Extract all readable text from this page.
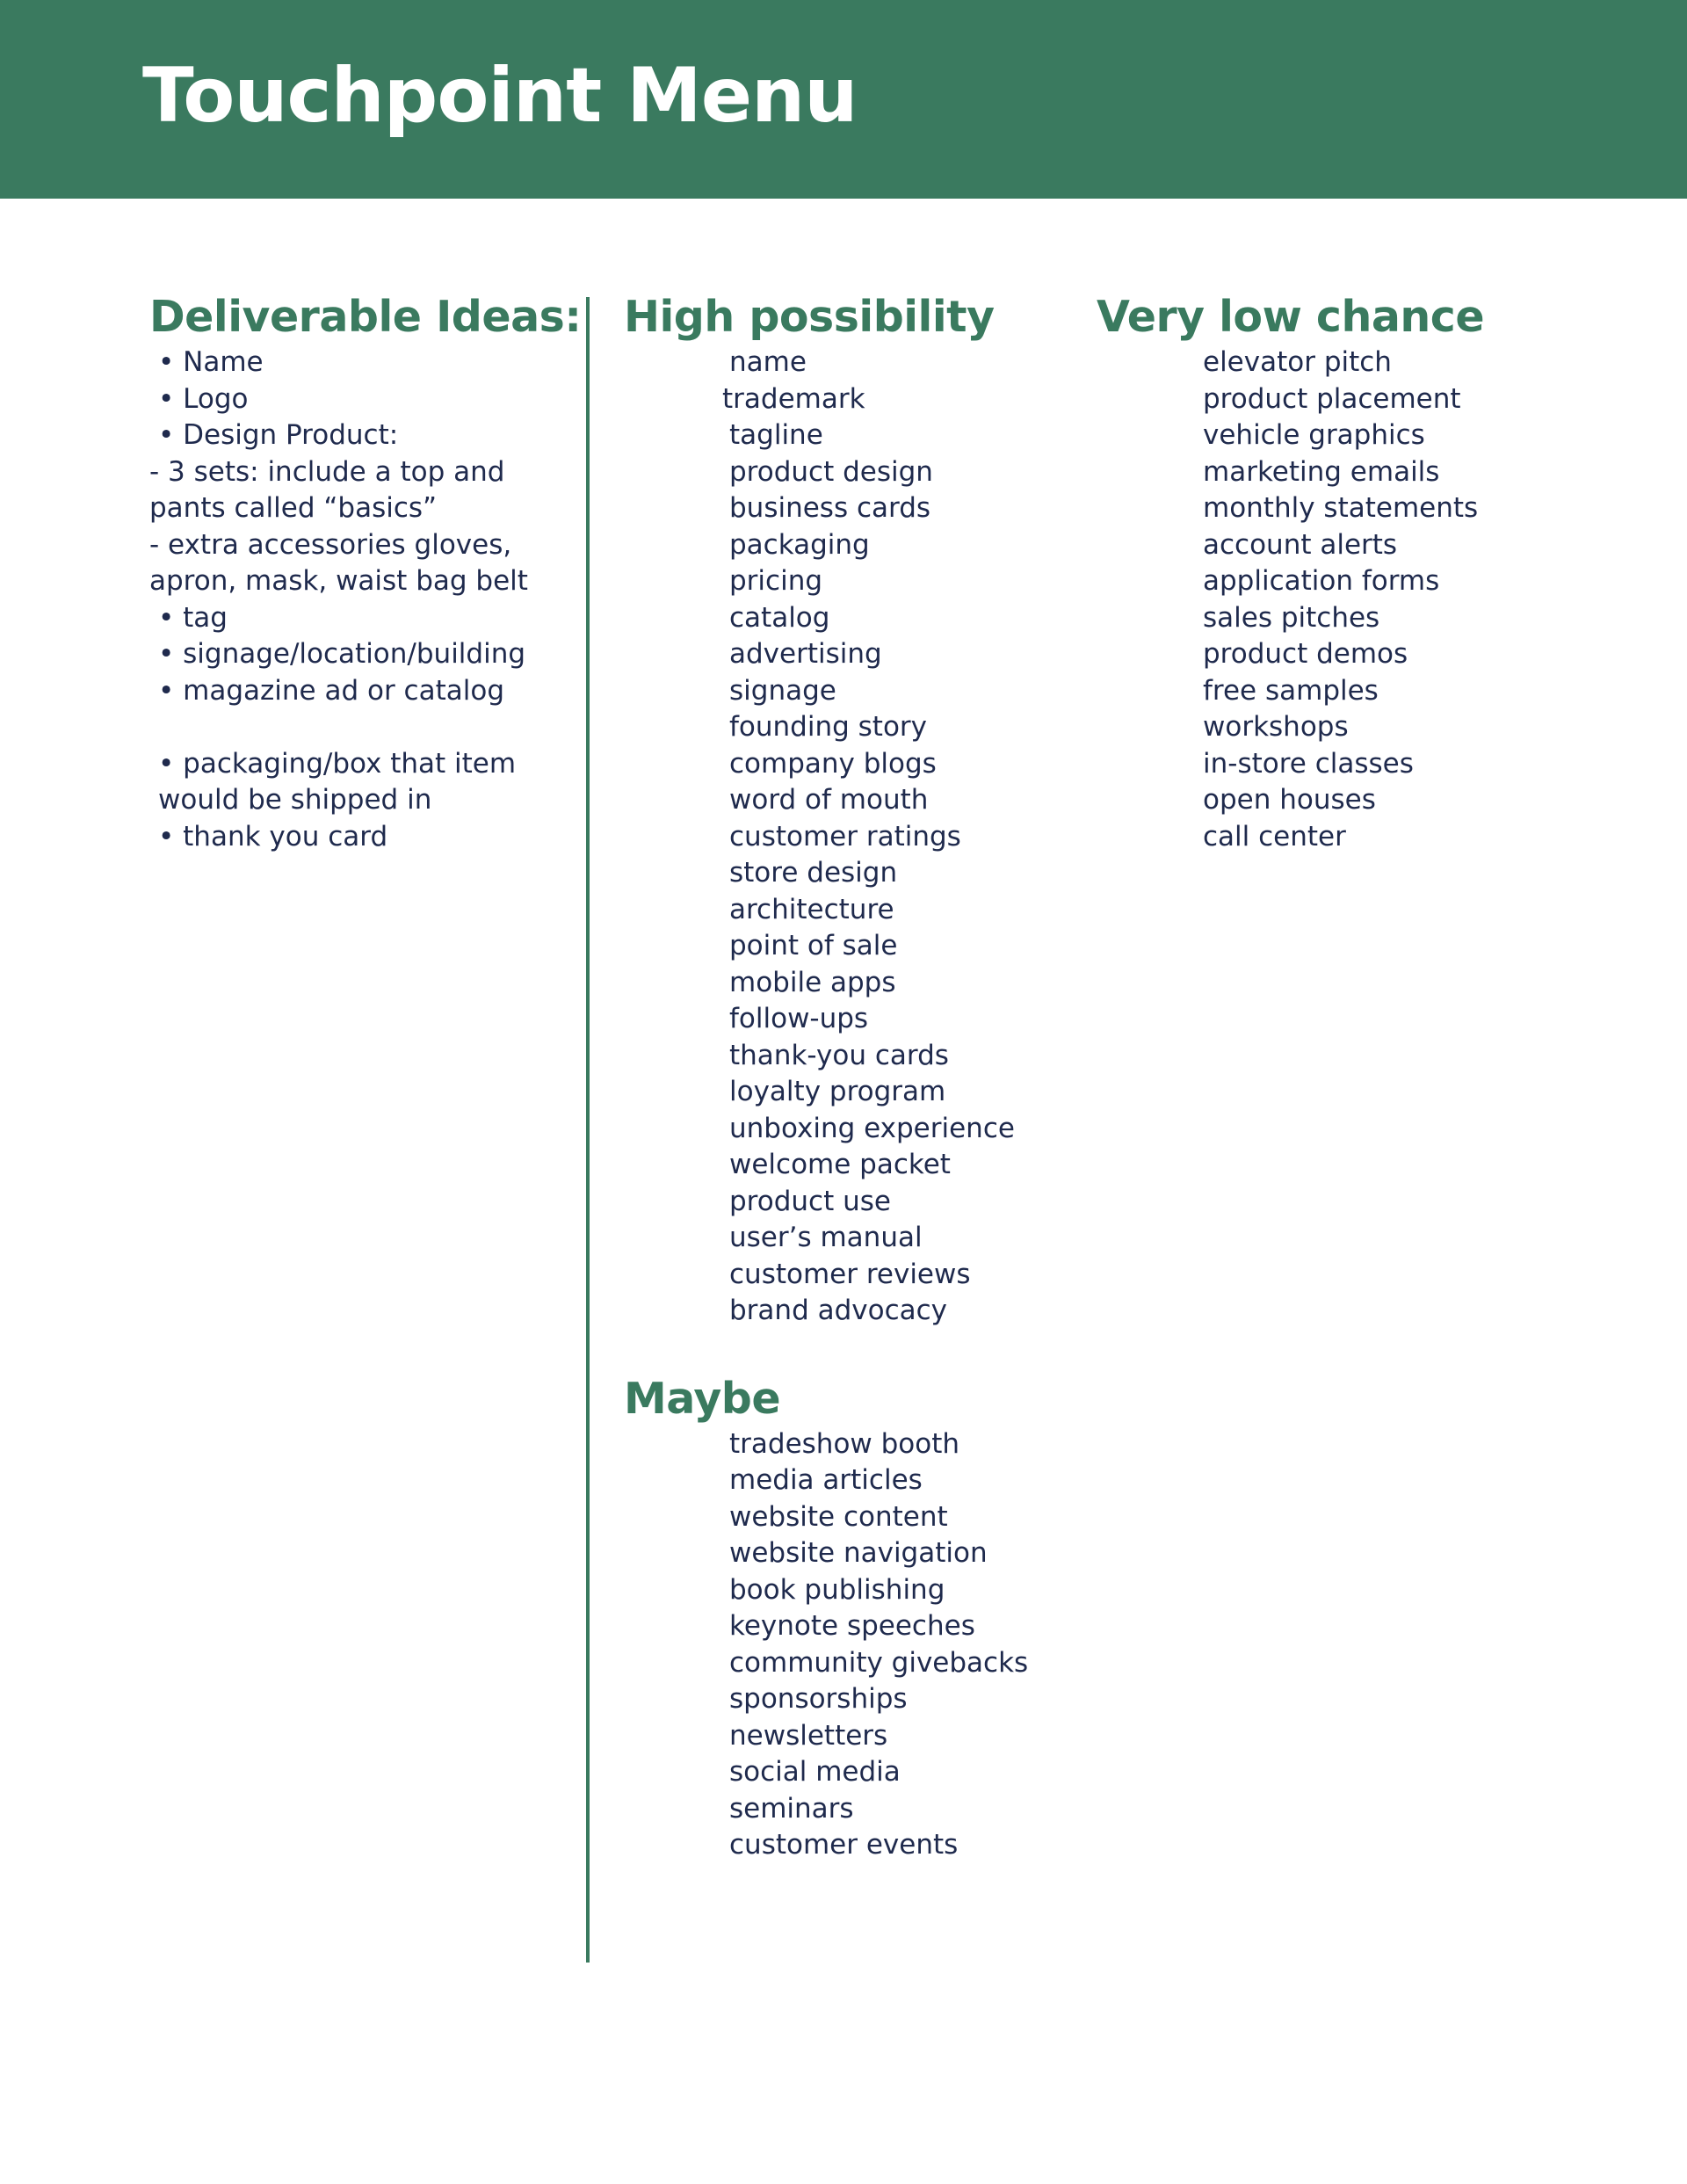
Touchpoint Menu
Deliverable Ideas:
• Name
• Logo
• Design Product:
- 3 sets: include a top and pants called “basics”
- extra accessories gloves, apron, mask, waist bag belt
• tag
• signage/location/building
• magazine ad or catalog
• packaging/box that item would be shipped in
• thank you card
High possibility
name
trademark
tagline
product design
business cards
packaging
pricing
catalog
advertising
signage
founding story
company blogs
word of mouth
customer ratings
store design
architecture
point of sale
mobile apps
follow-ups
thank-you cards
loyalty program
unboxing experience
welcome packet
product use
user’s manual
customer reviews
brand advocacy
Maybe
tradeshow booth
media articles
website content
website navigation
book publishing
keynote speeches
community givebacks
sponsorships
newsletters
social media
seminars
customer events
Very low chance
elevator pitch
product placement
vehicle graphics
marketing emails
monthly statements
account alerts
application forms
sales pitches
product demos
free samples
workshops
in-store classes
open houses
call center
